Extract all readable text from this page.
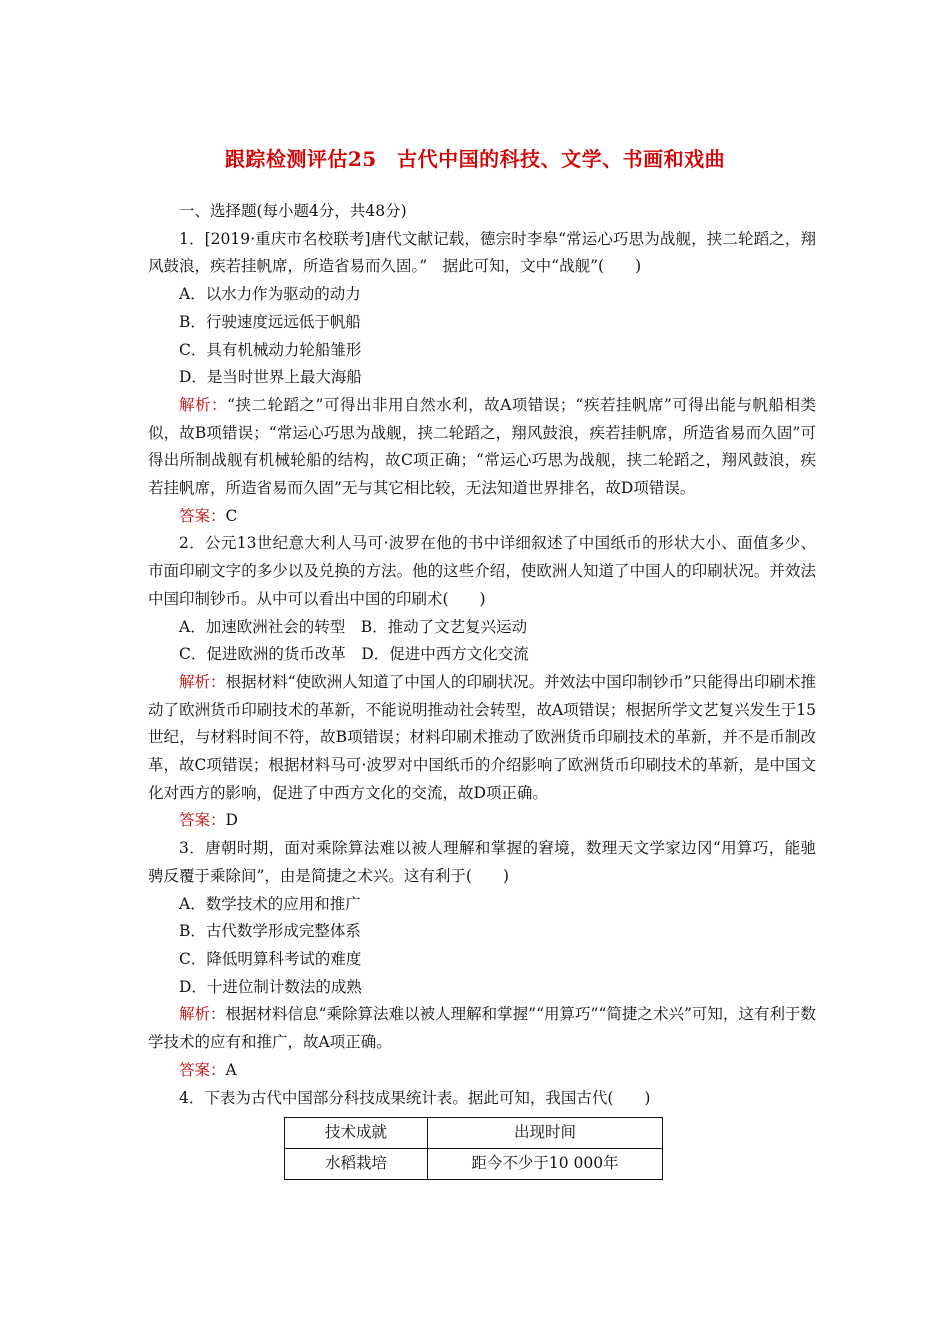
跟踪检测评估25　古代中国的科技、文学、书画和戏曲

一、选择题(每小题4分，共48分)

1．[2019·重庆市名校联考]唐代文献记载，德宗时李皋“常运心巧思为战舰，挟二轮蹈之，翔风鼓浪，疾若挂帆席，所造省易而久固。”　据此可知，文中“战舰”(　　)

A．以水力作为驱动的动力

B．行驶速度远远低于帆船

C．具有机械动力轮船雏形

D．是当时世界上最大海船

解析：“挟二轮蹈之”可得出非用自然水利，故A项错误；“疾若挂帆席”可得出能与帆船相类似，故B项错误；“常运心巧思为战舰，挟二轮蹈之，翔风鼓浪，疾若挂帆席，所造省易而久固”可得出所制战舰有机械轮船的结构，故C项正确；“常运心巧思为战舰，挟二轮蹈之，翔风鼓浪，疾若挂帆席，所造省易而久固”无与其它相比较，无法知道世界排名，故D项错误。

答案：C

2．公元13世纪意大利人马可·波罗在他的书中详细叙述了中国纸币的形状大小、面值多少、市面印刷文字的多少以及兑换的方法。他的这些介绍，使欧洲人知道了中国人的印刷状况。并效法中国印制钞币。从中可以看出中国的印刷术(　　)

A．加速欧洲社会的转型　B．推动了文艺复兴运动

C．促进欧洲的货币改革　D．促进中西方文化交流

解析：根据材料“使欧洲人知道了中国人的印刷状况。并效法中国印制钞币”只能得出印刷术推动了欧洲货币印刷技术的革新，不能说明推动社会转型，故A项错误；根据所学文艺复兴发生于15世纪，与材料时间不符，故B项错误；材料印刷术推动了欧洲货币印刷技术的革新，并不是币制改革，故C项错误；根据材料马可·波罗对中国纸币的介绍影响了欧洲货币印刷技术的革新，是中国文化对西方的影响，促进了中西方文化的交流，故D项正确。

答案：D

3．唐朝时期，面对乘除算法难以被人理解和掌握的窘境，数理天文学家边冈“用算巧，能驰骋反覆于乘除间”，由是简捷之术兴。这有利于(　　)

A．数学技术的应用和推广

B．古代数学形成完整体系

C．降低明算科考试的难度

D．十进位制计数法的成熟

解析：根据材料信息“乘除算法难以被人理解和掌握”“用算巧”“简捷之术兴”可知，这有利于数学技术的应有和推广，故A项正确。

答案：A

4．下表为古代中国部分科技成果统计表。据此可知，我国古代(　　)

技术成就	出现时间
水稻栽培	距今不少于10 000年
